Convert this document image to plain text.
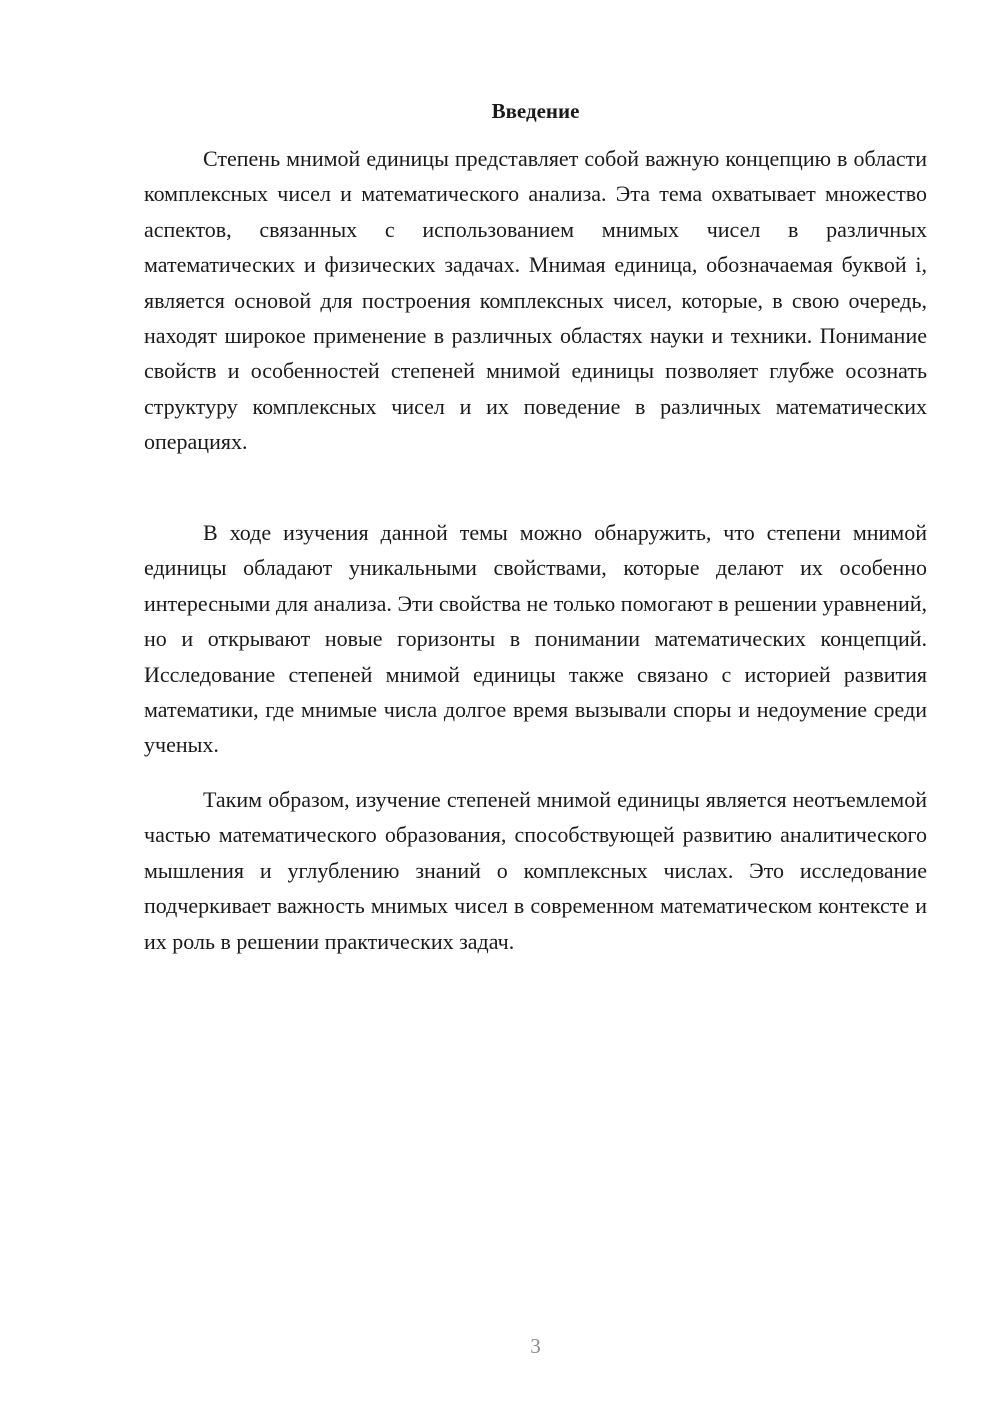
Введение

Степень мнимой единицы представляет собой важную концепцию в области комплексных чисел и математического анализа. Эта тема охватывает множество аспектов, связанных с использованием мнимых чисел в различных математических и физических задачах. Мнимая единица, обозначаемая буквой i, является основой для построения комплексных чисел, которые, в свою очередь, находят широкое применение в различных областях науки и техники. Понимание свойств и особенностей степеней мнимой единицы позволяет глубже осознать структуру комплексных чисел и их поведение в различных математических операциях.

В ходе изучения данной темы можно обнаружить, что степени мнимой единицы обладают уникальными свойствами, которые делают их особенно интересными для анализа. Эти свойства не только помогают в решении уравнений, но и открывают новые горизонты в понимании математических концепций. Исследование степеней мнимой единицы также связано с историей развития математики, где мнимые числа долгое время вызывали споры и недоумение среди ученых.

Таким образом, изучение степеней мнимой единицы является неотъемлемой частью математического образования, способствующей развитию аналитического мышления и углублению знаний о комплексных числах. Это исследование подчеркивает важность мнимых чисел в современном математическом контексте и их роль в решении практических задач.

3
